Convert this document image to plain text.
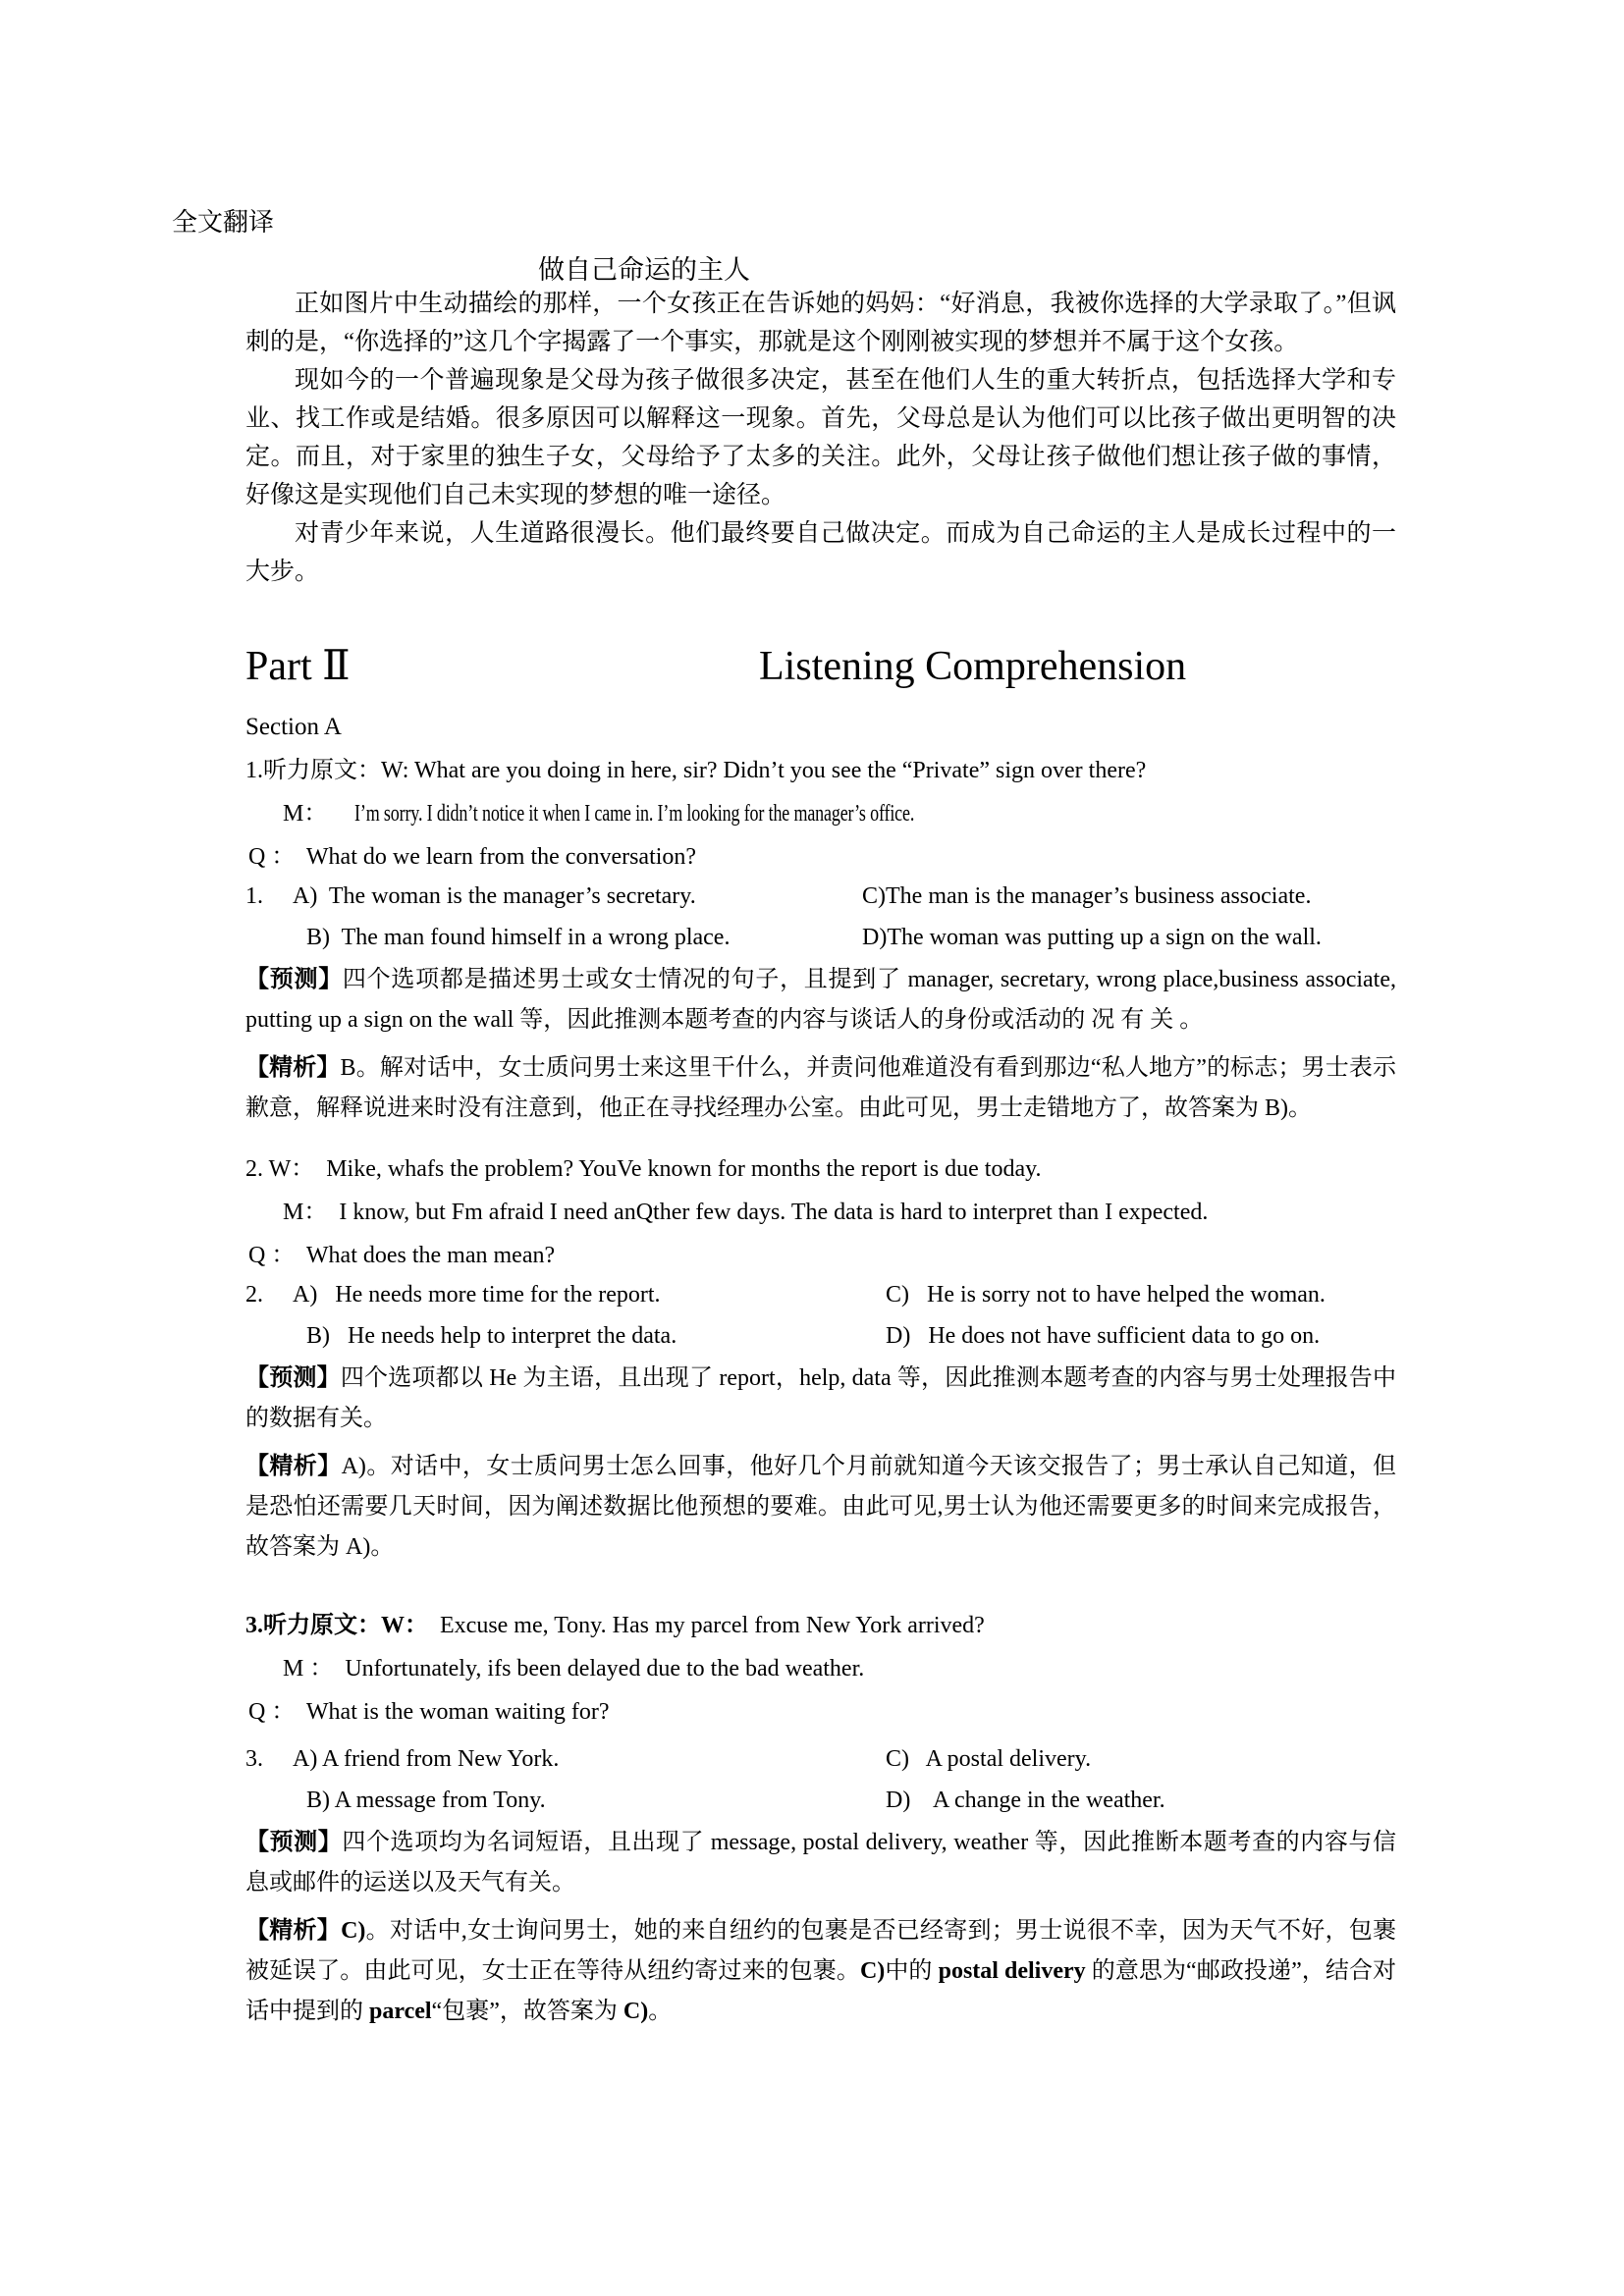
全文翻译
做自己命运的主人

正如图片中生动描绘的那样，一个女孩正在告诉她的妈妈：“好消息，我被你选择的大学录取了。”但讽刺的是，“你选择的”这几个字揭露了一个事实，那就是这个刚刚被实现的梦想并不属于这个女孩。

现如今的一个普遍现象是父母为孩子做很多决定，甚至在他们人生的重大转折点，包括选择大学和专业、找工作或是结婚。很多原因可以解释这一现象。首先，父母总是认为他们可以比孩子做出更明智的决定。而且，对于家里的独生子女，父母给予了太多的关注。此外，父母让孩子做他们想让孩子做的事情，好像这是实现他们自己未实现的梦想的唯一途径。

对青少年来说，人生道路很漫长。他们最终要自己做决定。而成为自己命运的主人是成长过程中的一大步。

Part Ⅱ	Listening Comprehension
Section A
1.听力原文：W: What are you doing in here, sir? Didn’t you see the “Private” sign over there?
M： I’m sorry. I didn’t notice it when I came in. I’m looking for the manager’s office.
Q ：  What do we learn from the conversation?
1.	A)  The woman is the manager’s secretary.	C)The man is the manager’s business associate.
B)  The man found himself in a wrong place.	D)The woman was putting up a sign on the wall.

【预测】四个选项都是描述男士或女士情况的句子，且提到了 manager, secretary, wrong place,business associate, putting up a sign on the wall 等，因此推测本题考查的内容与谈话人的身份或活动的 况 有 关 。

【精析】B。解对话中，女士质问男士来这里干什么，并责问他难道没有看到那边“私人地方”的标志；男士表示歉意，解释说进来时没有注意到，他正在寻找经理办公室。由此可见，男士走错地方了，故答案为 B)。

2. W：  Mike, whafs the problem? YouVe known for months the report is due today.
M：  I know, but Fm afraid I need anQther few days. The data is hard to interpret than I expected.
Q ：  What does the man mean?
2.	A)   He needs more time for the report.	C)   He is sorry not to have helped the woman.
B)   He needs help to interpret the data.	D)   He does not have sufficient data to go on.

【预测】四个选项都以 He 为主语，且出现了 report，help, data 等，因此推测本题考查的内容与男士处理报告中的数据有关。

【精析】A)。对话中，女士质问男士怎么回事，他好几个月前就知道今天该交报告了；男士承认自己知道，但是恐怕还需要几天时间，因为阐述数据比他预想的要难。由此可见,男士认为他还需要更多的时间来完成报告，故答案为 A)。

3.听力原文：W：  Excuse me, Tony. Has my parcel from New York arrived?
M ：  Unfortunately, ifs been delayed due to the bad weather.
Q ：  What is the woman waiting for?
3.	A) A friend from New York.	C)   A postal delivery.
B) A message from Tony.	D)    A change in the weather.

【预测】四个选项均为名词短语，且出现了 message, postal delivery, weather 等，因此推断本题考查的内容与信息或邮件的运送以及天气有关。

【精析】C)。对话中,女士询问男士，她的来自纽约的包裹是否已经寄到；男士说很不幸，因为天气不好，包裹被延误了。由此可见，女士正在等待从纽约寄过来的包裹。C)中的 postal delivery 的意思为“邮政投递”，结合对话中提到的 parcel“包裹”，故答案为 C)。
